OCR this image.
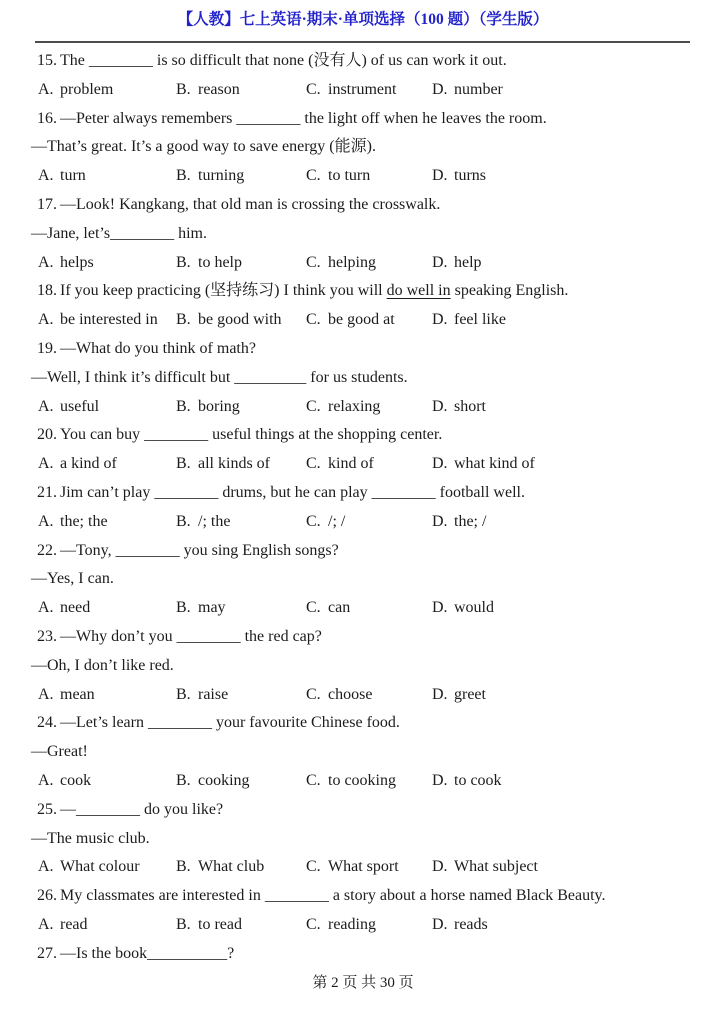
【人教】七上英语·期末·单项选择（100 题）（学生版）
15. The ________ is so difficult that none (没有人) of us can work it out.
A. problem	B. reason	C. instrument D. number
16. —Peter always remembers ________ the light off when he leaves the room.
—That’s great. It’s a good way to save energy (能源).
A. turn	B. turning	C. to turn	D. turns
17. —Look! Kangkang, that old man is crossing the crosswalk.
—Jane, let’s________ him.
A. helps	B. to help	C. helping	D. help
18. If you keep practicing (坚持练习) I think you will do well in speaking English.
A. be interested in B. be good with C. be good at D. feel like
19. —What do you think of math?
—Well, I think it’s difficult but _________ for us students.
A. useful	B. boring	C. relaxing	D. short
20. You can buy ________ useful things at the shopping center.
A. a kind of	B. all kinds of C. kind of	D. what kind of
21. Jim can’t play ________ drums, but he can play ________ football well.
A. the; the	B. /; the	C. /; /	D. the; /
22. —Tony, ________ you sing English songs?
—Yes, I can.
A. need	B. may	C. can	D. would
23. —Why don’t you ________ the red cap?
—Oh, I don’t like red.
A. mean	B. raise	C. choose	D. greet
24. —Let’s learn ________ your favourite Chinese food.
—Great!
A. cook	B. cooking	C. to cooking D. to cook
25. —________ do you like?
—The music club.
A. What colour B. What club	C. What sport D. What subject
26. My classmates are interested in ________ a story about a horse named Black Beauty.
A. read	B. to read	C. reading	D. reads
27. —Is the book__________?
第 2 页 共 30 页
